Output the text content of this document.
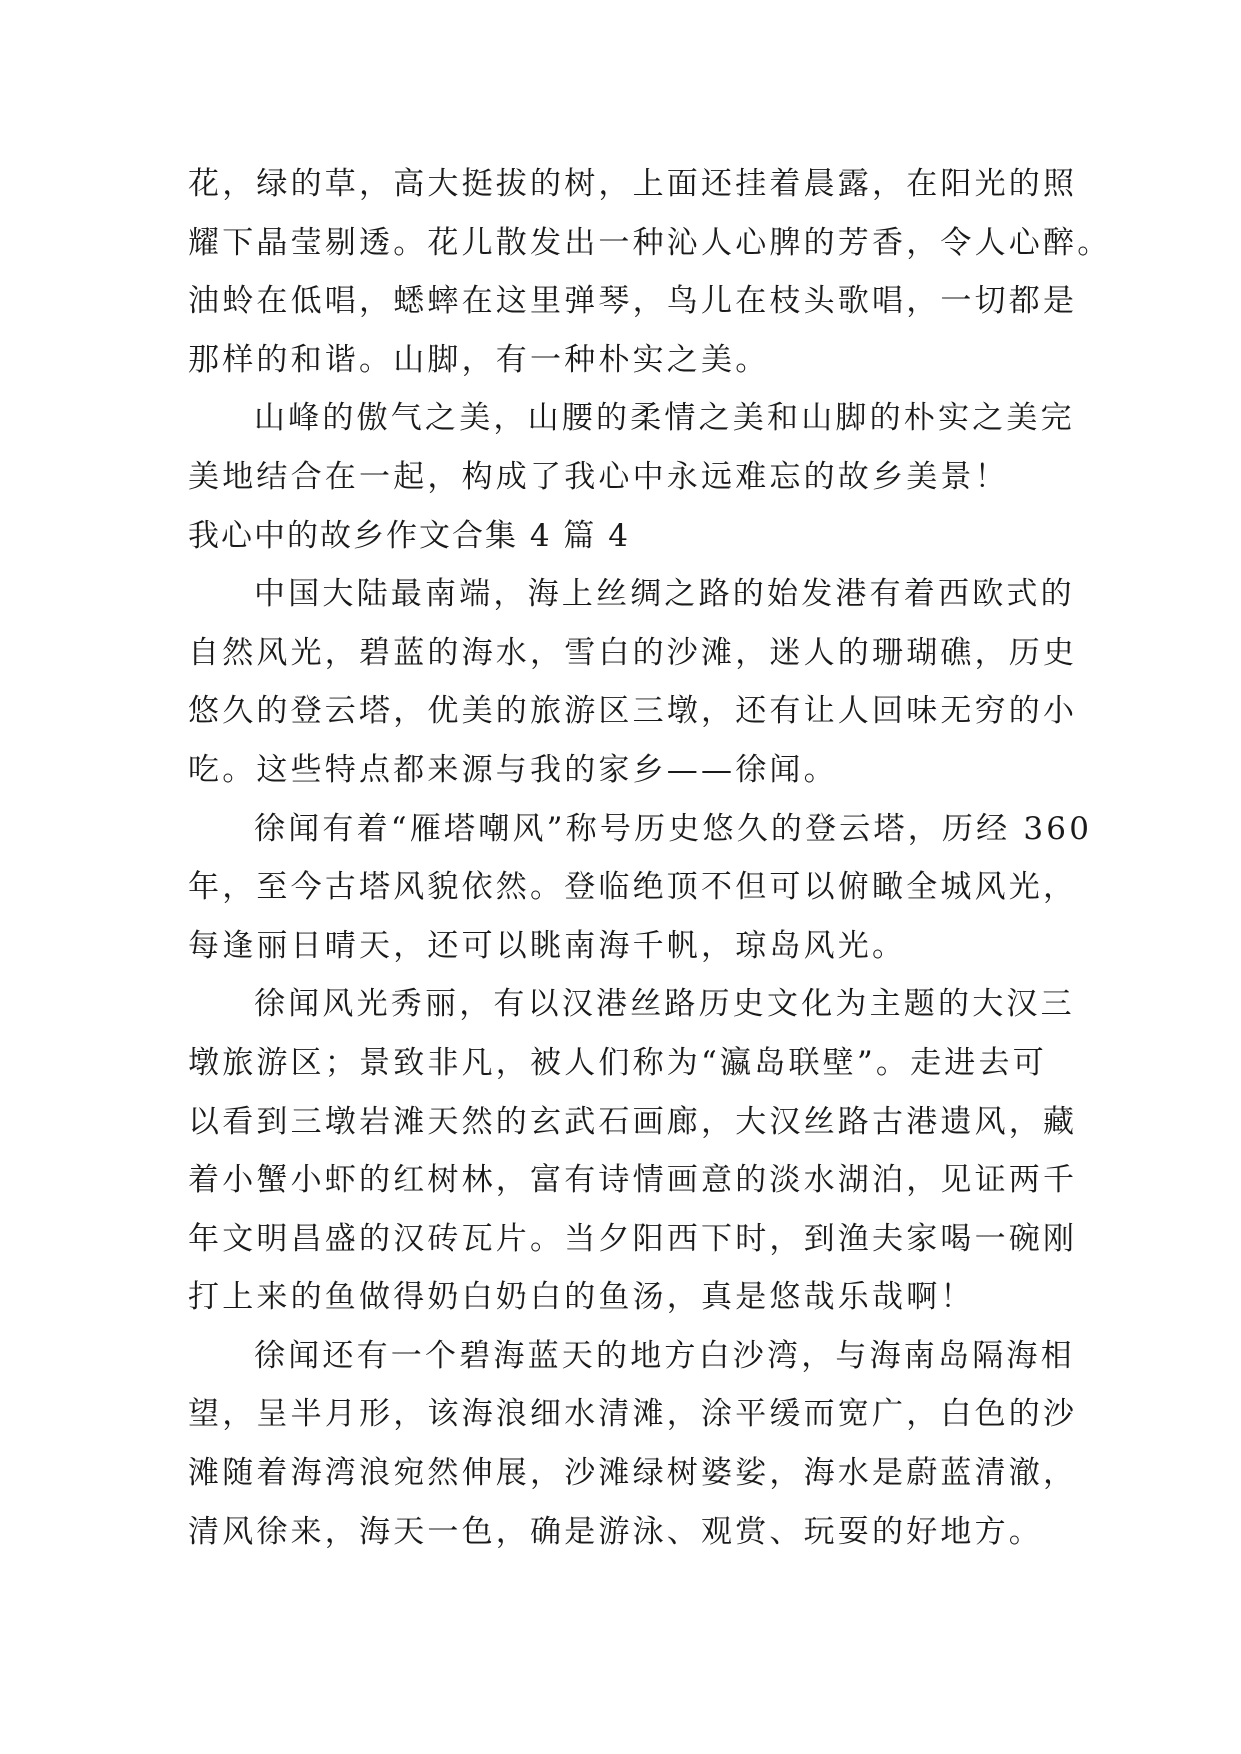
花，绿的草，高大挺拔的树，上面还挂着晨露，在阳光的照
耀下晶莹剔透。花儿散发出一种沁人心脾的芳香，令人心醉。
油蛉在低唱，蟋蟀在这里弹琴，鸟儿在枝头歌唱，一切都是
那样的和谐。山脚，有一种朴实之美。
山峰的傲气之美，山腰的柔情之美和山脚的朴实之美完
美地结合在一起，构成了我心中永远难忘的故乡美景！
我心中的故乡作文合集 4 篇 4
中国大陆最南端，海上丝绸之路的始发港有着西欧式的
自然风光，碧蓝的海水，雪白的沙滩，迷人的珊瑚礁，历史
悠久的登云塔，优美的旅游区三墩，还有让人回味无穷的小
吃。这些特点都来源与我的家乡——徐闻。
徐闻有着“雁塔嘲风”称号历史悠久的登云塔，历经 360
年，至今古塔风貌依然。登临绝顶不但可以俯瞰全城风光，
每逢丽日晴天，还可以眺南海千帆，琼岛风光。
徐闻风光秀丽，有以汉港丝路历史文化为主题的大汉三
墩旅游区；景致非凡，被人们称为“瀛岛联壁”。走进去可
以看到三墩岩滩天然的玄武石画廊，大汉丝路古港遗风，藏
着小蟹小虾的红树林，富有诗情画意的淡水湖泊，见证两千
年文明昌盛的汉砖瓦片。当夕阳西下时，到渔夫家喝一碗刚
打上来的鱼做得奶白奶白的鱼汤，真是悠哉乐哉啊！
徐闻还有一个碧海蓝天的地方白沙湾，与海南岛隔海相
望，呈半月形，该海浪细水清滩，涂平缓而宽广，白色的沙
滩随着海湾浪宛然伸展，沙滩绿树婆娑，海水是蔚蓝清澈，
清风徐来，海天一色，确是游泳、观赏、玩耍的好地方。
